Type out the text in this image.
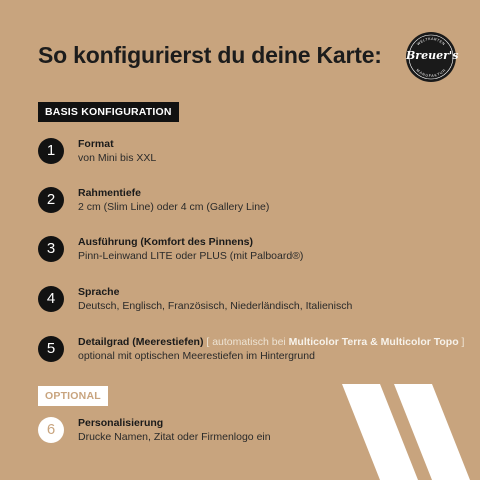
So konfigurierst du deine Karte:	WELTKARTEN
MANUFAKTUR
Breuer's
BASIS KONFIGURATION
1	Format
von Mini bis XXL
2	Rahmentiefe
2 cm (Slim Line) oder 4 cm (Gallery Line)
3	Ausführung (Komfort des Pinnens)
Pinn-Leinwand LITE oder PLUS (mit Palboard®)
4	Sprache
Deutsch, Englisch, Französisch, Niederländisch, Italienisch
5	Detailgrad (Meerestiefen) [ automatisch bei Multicolor Terra & Multicolor Topo ]
optional mit optischen Meerestiefen im Hintergrund
OPTIONAL
6	Personalisierung
Drucke Namen, Zitat oder Firmenlogo ein
